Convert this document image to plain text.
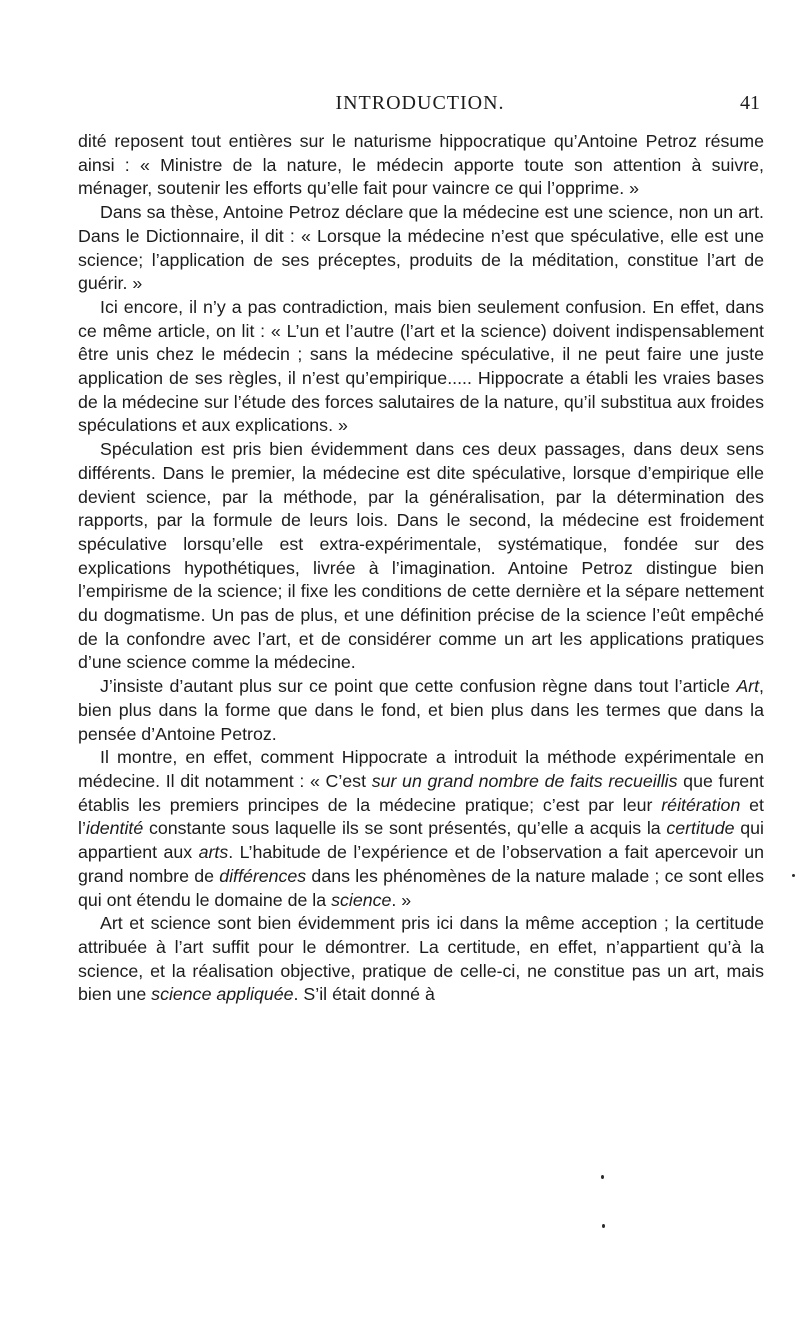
INTRODUCTION.	41

dité reposent tout entières sur le naturisme hippocratique qu’Antoine Petroz résume ainsi : « Ministre de la nature, le médecin apporte toute son attention à suivre, ménager, soutenir les efforts qu’elle fait pour vaincre ce qui l’opprime. »

Dans sa thèse, Antoine Petroz déclare que la médecine est une science, non un art. Dans le Dictionnaire, il dit : « Lorsque la médecine n’est que spéculative, elle est une science; l’application de ses préceptes, produits de la méditation, constitue l’art de guérir. »

Ici encore, il n’y a pas contradiction, mais bien seulement confusion. En effet, dans ce même article, on lit : « L’un et l’autre (l’art et la science) doivent indispensablement être unis chez le médecin ; sans la médecine spéculative, il ne peut faire une juste application de ses règles, il n’est qu’empirique..... Hippocrate a établi les vraies bases de la médecine sur l’étude des forces salutaires de la nature, qu’il substitua aux froides spéculations et aux explications. »

Spéculation est pris bien évidemment dans ces deux passages, dans deux sens différents. Dans le premier, la médecine est dite spéculative, lorsque d’empirique elle devient science, par la méthode, par la généralisation, par la détermination des rapports, par la formule de leurs lois. Dans le second, la médecine est froidement spéculative lorsqu’elle est extra-expérimentale, systématique, fondée sur des explications hypothétiques, livrée à l’imagination. Antoine Petroz distingue bien l’empirisme de la science; il fixe les conditions de cette dernière et la sépare nettement du dogmatisme. Un pas de plus, et une définition précise de la science l’eût empêché de la confondre avec l’art, et de considérer comme un art les applications pratiques d’une science comme la médecine.

J’insiste d’autant plus sur ce point que cette confusion règne dans tout l’article Art, bien plus dans la forme que dans le fond, et bien plus dans les termes que dans la pensée d’Antoine Petroz.

Il montre, en effet, comment Hippocrate a introduit la méthode expérimentale en médecine. Il dit notamment : « C’est sur un grand nombre de faits recueillis que furent établis les premiers principes de la médecine pratique; c’est par leur réitération et l’identité constante sous laquelle ils se sont présentés, qu’elle a acquis la certitude qui appartient aux arts. L’habitude de l’expérience et de l’observation a fait apercevoir un grand nombre de différences dans les phénomènes de la nature malade ; ce sont elles qui ont étendu le domaine de la science. »

Art et science sont bien évidemment pris ici dans la même acception ; la certitude attribuée à l’art suffit pour le démontrer. La certitude, en effet, n’appartient qu’à la science, et la réalisation objective, pratique de celle-ci, ne constitue pas un art, mais bien une science appliquée. S’il était donné à
